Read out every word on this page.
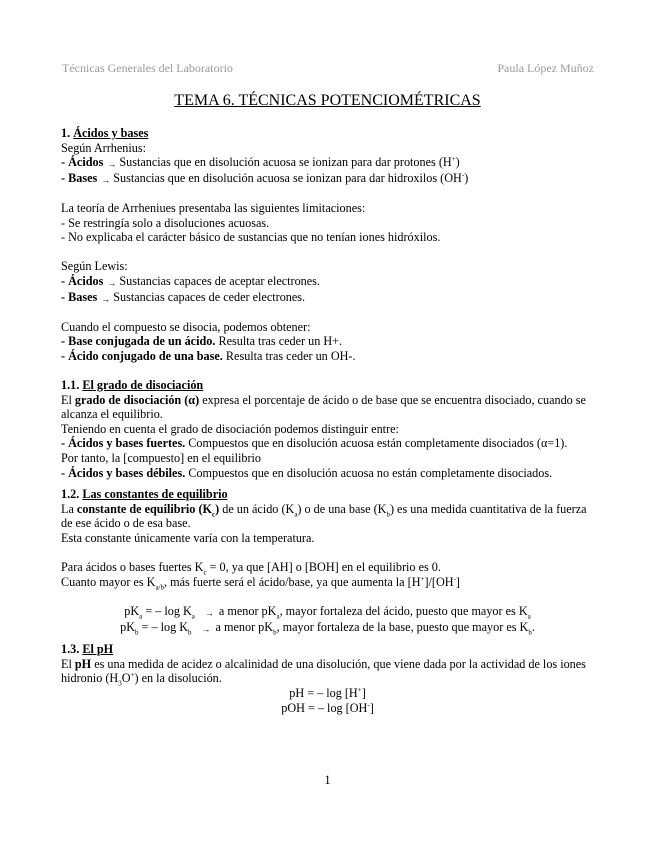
Técnicas Generales del Laboratorio	Paula López Muñoz
TEMA 6. TÉCNICAS POTENCIOMÉTRICAS
1. Ácidos y bases
Según Arrhenius:
- Ácidos → Sustancias que en disolución acuosa se ionizan para dar protones (H+)
- Bases → Sustancias que en disolución acuosa se ionizan para dar hidroxilos (OH-)
La teoría de Arrheniues presentaba las siguientes limitaciones:
- Se restringía solo a disoluciones acuosas.
- No explicaba el carácter básico de sustancias que no tenían iones hidróxilos.
Según Lewis:
- Ácidos → Sustancias capaces de aceptar electrones.
- Bases → Sustancias capaces de ceder electrones.
Cuando el compuesto se disocia, podemos obtener:
- Base conjugada de un ácido. Resulta tras ceder un H+.
- Ácido conjugado de una base. Resulta tras ceder un OH-.
1.1. El grado de disociación
El grado de disociación (α) expresa el porcentaje de ácido o de base que se encuentra disociado, cuando se alcanza el equilibrio.
Teniendo en cuenta el grado de disociación podemos distinguir entre:
- Ácidos y bases fuertes. Compuestos que en disolución acuosa están completamente disociados (α=1).
Por tanto, la [compuesto] en el equilibrio
- Ácidos y bases débiles. Compuestos que en disolución acuosa no están completamente disociados.
1.2. Las constantes de equilibrio
La constante de equilibrio $(K_c)$ de un ácido $(K_a)$ o de una base $(K_b)$ es una medida cuantitativa de la fuerza de ese ácido o de esa base.
Esta constante únicamente varía con la temperatura.
Para ácidos o bases fuertes $K_c = 0$, ya que [AH] o [BOH] en el equilibrio es 0.
Cuanto mayor es $K_{a/b}$, más fuerte será el ácido/base, ya que aumenta la [H+]/[OH-]
$pK_a$ = – $\log K_a \to a$ menor $pK_a$, mayor fortaleza del ácido, puesto que mayor es $K_a$
$pK_b$ = – $\log K_b \to a$ menor $pK_b$, mayor fortaleza de la base, puesto que mayor es $K_b$.
1.3. El pH
El pH es una medida de acidez o alcalinidad de una disolución, que viene dada por la actividad de los iones hidronio $(H_3O^+)$ en la disolución.
pH = – log [H+]
pOH = – log [OH-]
1
